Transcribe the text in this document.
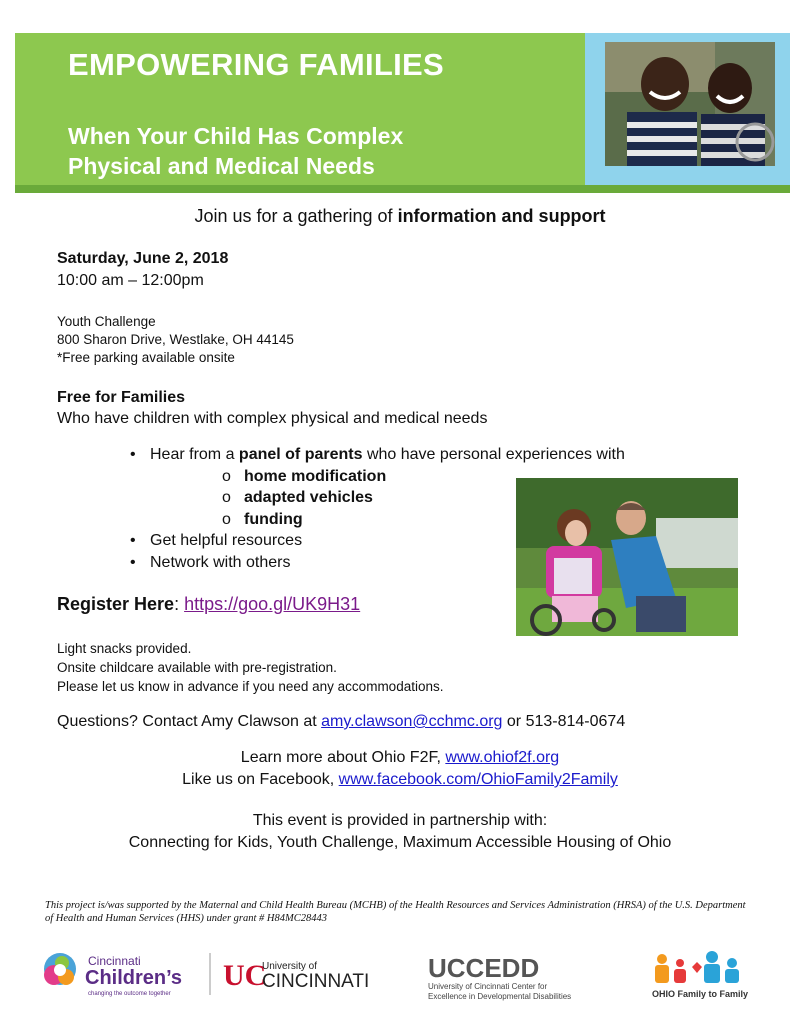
EMPOWERING FAMILIES
When Your Child Has Complex
Physical and Medical Needs
Join us for a gathering of information and support
Saturday, June 2, 2018
10:00 am – 12:00pm
Youth Challenge
800 Sharon Drive, Westlake, OH 44145
*Free parking available onsite
Free for Families
Who have children with complex physical and medical needs
• Hear from a panel of parents who have personal experiences with
o home modification
o adapted vehicles
o funding
• Get helpful resources
• Network with others
Register Here: https://goo.gl/UK9H31
Light snacks provided.
Onsite childcare available with pre-registration.
Please let us know in advance if you need any accommodations.
Questions? Contact Amy Clawson at amy.clawson@cchmc.org or 513-814-0674
Learn more about Ohio F2F, www.ohiof2f.org
Like us on Facebook, www.facebook.com/OhioFamily2Family
This event is provided in partnership with:
Connecting for Kids, Youth Challenge, Maximum Accessible Housing of Ohio
This project is/was supported by the Maternal and Child Health Bureau (MCHB) of the Health Resources and Services Administration (HRSA) of the U.S. Department of Health and Human Services (HHS) under grant # H84MC28443
Cincinnati
Children’s
changing the outcome together
UC
University of
CINCINNATI UCCEDD
University of Cincinnati Center for
Excellence in Developmental Disabilities	OHIO Family to Family
